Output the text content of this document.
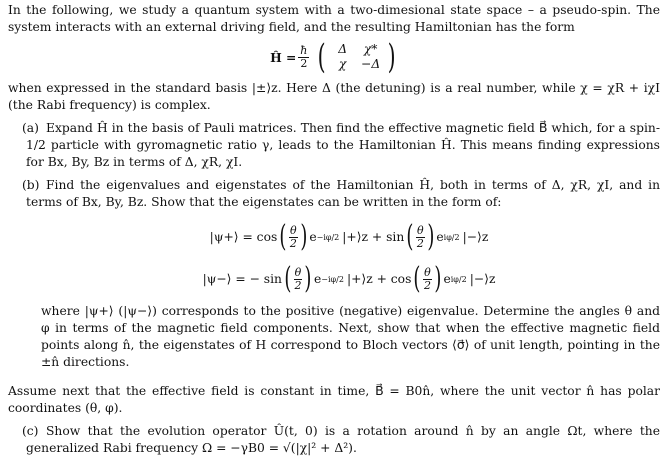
In the following, we study a quantum system with a two-dimesional state space – a pseudo-spin. The system interacts with an external driving field, and the resulting Hamiltonian has the form

Ĥ = $\frac{ħ}{2}$ ( Δ	χ*
χ	−Δ )

when expressed in the standard basis |±⟩z. Here Δ (the detuning) is a real number, while χ = χR + iχI (the Rabi frequency) is complex.

(a) Expand Ĥ in the basis of Pauli matrices. Then find the effective magnetic field B⃗ which, for a spin-1/2 particle with gyromagnetic ratio γ, leads to the Hamiltonian Ĥ. This means finding expressions for Bx, By, Bz in terms of Δ, χR, χI.

(b) Find the eigenvalues and eigenstates of the Hamiltonian Ĥ, both in terms of Δ, χR, χI, and in terms of Bx, By, Bz. Show that the eigenstates can be written in the form of:

|ψ+⟩ = cos ( θ
2 ) e −iφ/2 |+⟩z + sin ( θ
2 ) e iφ/2 |−⟩z
|ψ−⟩ = − sin ( θ
2 ) e −iφ/2 |+⟩z + cos ( θ
2 ) e iφ/2 |−⟩z

where |ψ+⟩ (|ψ−⟩) corresponds to the positive (negative) eigenvalue. Determine the angles θ and φ in terms of the magnetic field components. Next, show that when the effective magnetic field points along n̂, the eigenstates of H correspond to Bloch vectors ⟨σ⃗⟩ of unit length, pointing in the ±n̂ directions.

Assume next that the effective field is constant in time, B⃗ = B0n̂, where the unit vector n̂ has polar coordinates (θ, φ).

(c) Show that the evolution operator Û(t, 0) is a rotation around n̂ by an angle Ωt, where the generalized Rabi frequency Ω = −γB0 = √(|χ|² + Δ²).
